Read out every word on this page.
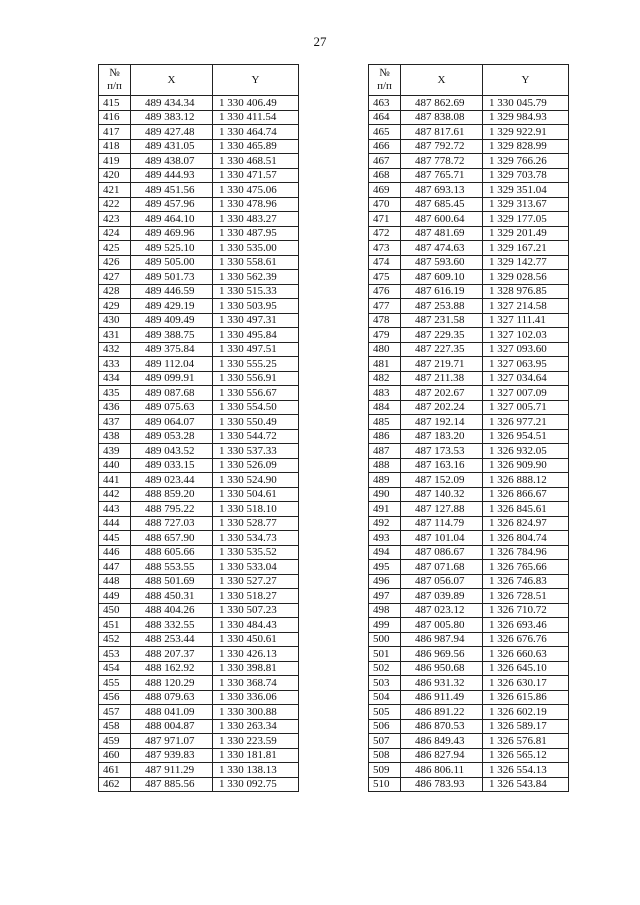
27
№
п/п	X	Y
415	489 434.34	1 330 406.49
416	489 383.12	1 330 411.54
417	489 427.48	1 330 464.74
418	489 431.05	1 330 465.89
419	489 438.07	1 330 468.51
420	489 444.93	1 330 471.57
421	489 451.56	1 330 475.06
422	489 457.96	1 330 478.96
423	489 464.10	1 330 483.27
424	489 469.96	1 330 487.95
425	489 525.10	1 330 535.00
426	489 505.00	1 330 558.61
427	489 501.73	1 330 562.39
428	489 446.59	1 330 515.33
429	489 429.19	1 330 503.95
430	489 409.49	1 330 497.31
431	489 388.75	1 330 495.84
432	489 375.84	1 330 497.51
433	489 112.04	1 330 555.25
434	489 099.91	1 330 556.91
435	489 087.68	1 330 556.67
436	489 075.63	1 330 554.50
437	489 064.07	1 330 550.49
438	489 053.28	1 330 544.72
439	489 043.52	1 330 537.33
440	489 033.15	1 330 526.09
441	489 023.44	1 330 524.90
442	488 859.20	1 330 504.61
443	488 795.22	1 330 518.10
444	488 727.03	1 330 528.77
445	488 657.90	1 330 534.73
446	488 605.66	1 330 535.52
447	488 553.55	1 330 533.04
448	488 501.69	1 330 527.27
449	488 450.31	1 330 518.27
450	488 404.26	1 330 507.23
451	488 332.55	1 330 484.43
452	488 253.44	1 330 450.61
453	488 207.37	1 330 426.13
454	488 162.92	1 330 398.81
455	488 120.29	1 330 368.74
456	488 079.63	1 330 336.06
457	488 041.09	1 330 300.88
458	488 004.87	1 330 263.34
459	487 971.07	1 330 223.59
460	487 939.83	1 330 181.81
461	487 911.29	1 330 138.13
462	487 885.56	1 330 092.75
№
п/п	X	Y
463	487 862.69	1 330 045.79
464	487 838.08	1 329 984.93
465	487 817.61	1 329 922.91
466	487 792.72	1 329 828.99
467	487 778.72	1 329 766.26
468	487 765.71	1 329 703.78
469	487 693.13	1 329 351.04
470	487 685.45	1 329 313.67
471	487 600.64	1 329 177.05
472	487 481.69	1 329 201.49
473	487 474.63	1 329 167.21
474	487 593.60	1 329 142.77
475	487 609.10	1 329 028.56
476	487 616.19	1 328 976.85
477	487 253.88	1 327 214.58
478	487 231.58	1 327 111.41
479	487 229.35	1 327 102.03
480	487 227.35	1 327 093.60
481	487 219.71	1 327 063.95
482	487 211.38	1 327 034.64
483	487 202.67	1 327 007.09
484	487 202.24	1 327 005.71
485	487 192.14	1 326 977.21
486	487 183.20	1 326 954.51
487	487 173.53	1 326 932.05
488	487 163.16	1 326 909.90
489	487 152.09	1 326 888.12
490	487 140.32	1 326 866.67
491	487 127.88	1 326 845.61
492	487 114.79	1 326 824.97
493	487 101.04	1 326 804.74
494	487 086.67	1 326 784.96
495	487 071.68	1 326 765.66
496	487 056.07	1 326 746.83
497	487 039.89	1 326 728.51
498	487 023.12	1 326 710.72
499	487 005.80	1 326 693.46
500	486 987.94	1 326 676.76
501	486 969.56	1 326 660.63
502	486 950.68	1 326 645.10
503	486 931.32	1 326 630.17
504	486 911.49	1 326 615.86
505	486 891.22	1 326 602.19
506	486 870.53	1 326 589.17
507	486 849.43	1 326 576.81
508	486 827.94	1 326 565.12
509	486 806.11	1 326 554.13
510	486 783.93	1 326 543.84
